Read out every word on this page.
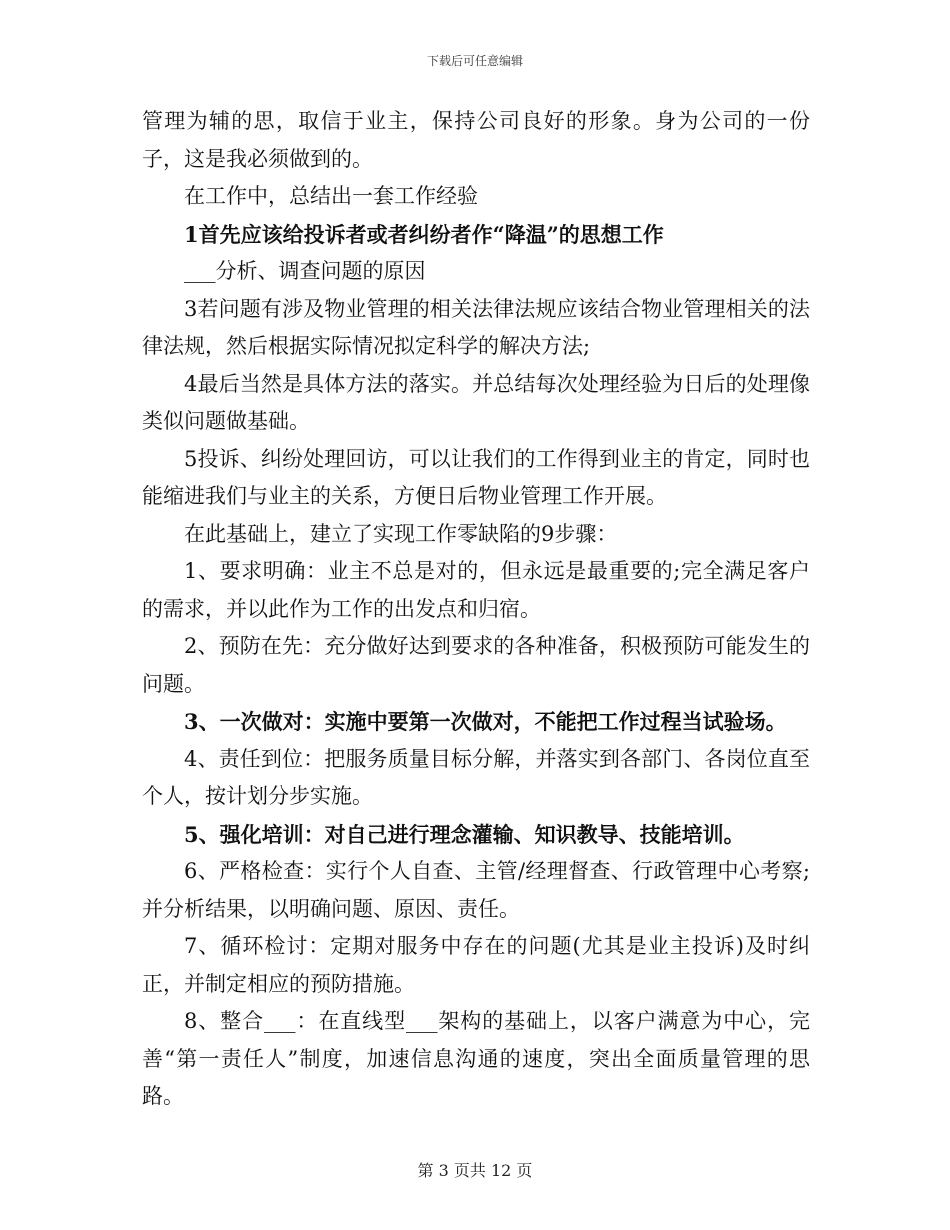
下载后可任意编辑

管理为辅的思，取信于业主，保持公司良好的形象。身为公司的一份子，这是我必须做到的。

在工作中，总结出一套工作经验

1首先应该给投诉者或者纠纷者作“降温”的思想工作

___分析、调查问题的原因

3若问题有涉及物业管理的相关法律法规应该结合物业管理相关的法律法规，然后根据实际情况拟定科学的解决方法;

4最后当然是具体方法的落实。并总结每次处理经验为日后的处理像类似问题做基础。

5投诉、纠纷处理回访，可以让我们的工作得到业主的肯定，同时也能缩进我们与业主的关系，方便日后物业管理工作开展。

在此基础上，建立了实现工作零缺陷的9步骤：

1、要求明确：业主不总是对的，但永远是最重要的;完全满足客户的需求，并以此作为工作的出发点和归宿。

2、预防在先：充分做好达到要求的各种准备，积极预防可能发生的问题。

3、一次做对：实施中要第一次做对，不能把工作过程当试验场。

4、责任到位：把服务质量目标分解，并落实到各部门、各岗位直至个人，按计划分步实施。

5、强化培训：对自己进行理念灌输、知识教导、技能培训。

6、严格检查：实行个人自查、主管/经理督查、行政管理中心考察;并分析结果，以明确问题、原因、责任。

7、循环检讨：定期对服务中存在的问题(尤其是业主投诉)及时纠正，并制定相应的预防措施。

8、整合___：在直线型___架构的基础上，以客户满意为中心，完善“第一责任人”制度，加速信息沟通的速度，突出全面质量管理的思路。

第 3 页共 12 页
